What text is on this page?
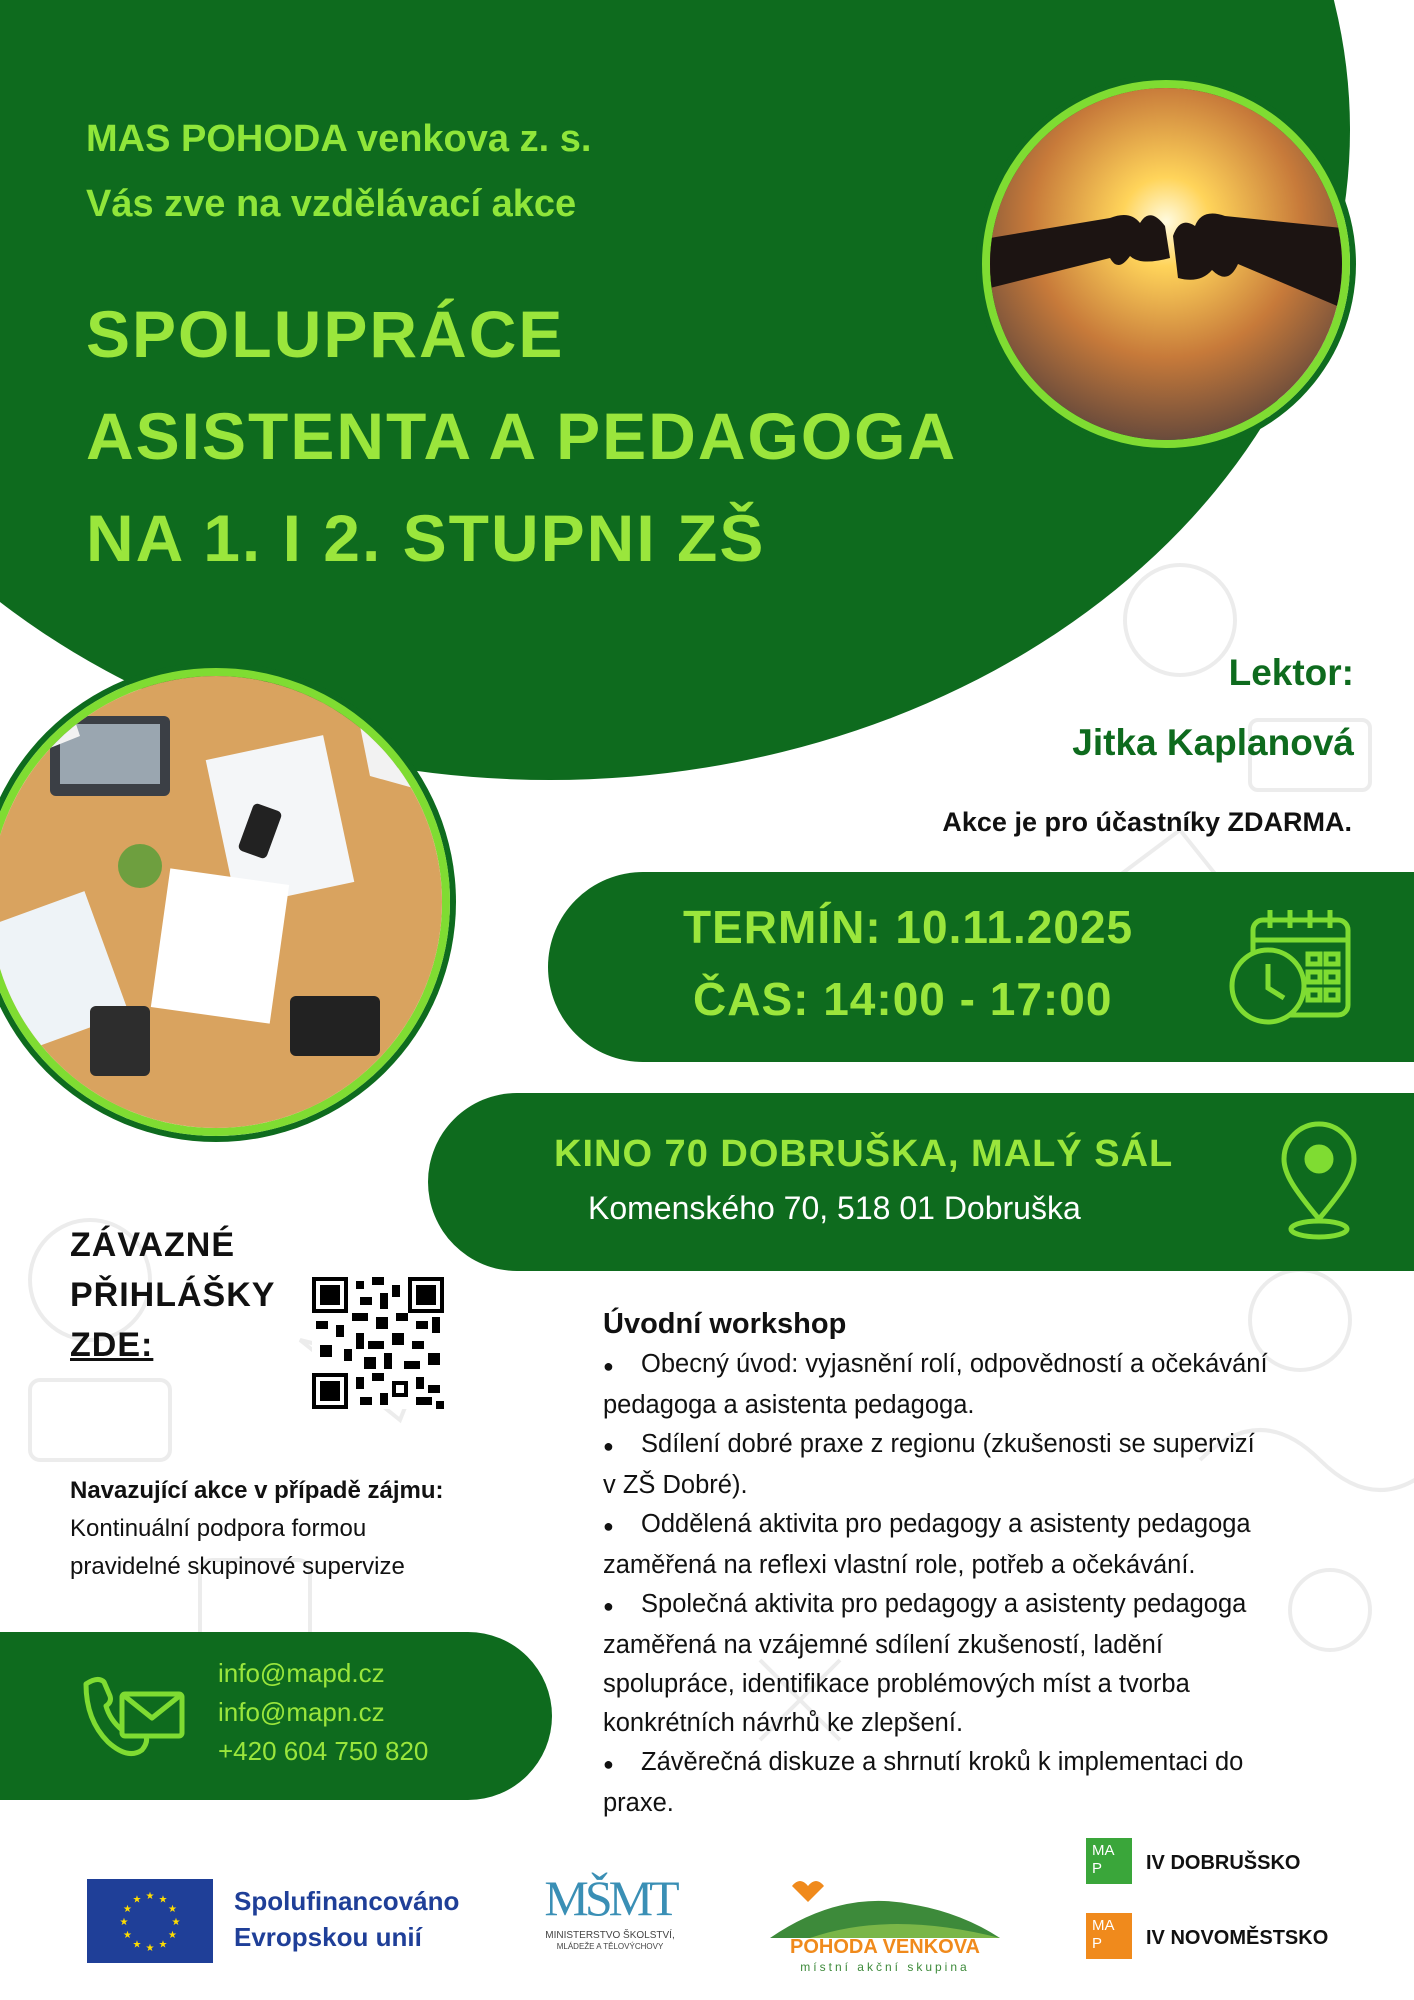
MAS POHODA venkova z. s.
Vás zve na vzdělávací akce
SPOLUPRÁCE
ASISTENTA A PEDAGOGA
NA 1. I 2. STUPNI ZŠ
Lektor:
Jitka Kaplanová
Akce je pro účastníky ZDARMA.
TERMÍN: 10.11.2025
ČAS: 14:00 - 17:00
KINO 70 DOBRUŠKA, MALÝ SÁL
Komenského 70, 518 01 Dobruška
ZÁVAZNÉ
PŘIHLÁŠKY
ZDE:
Navazující akce v případě zájmu:
Kontinuální podpora formou
pravidelné skupinové supervize
info@mapd.cz
info@mapn.cz
+420 604 750 820
Úvodní workshop
● Obecný úvod: vyjasnění rolí, odpovědností a očekávání
pedagoga a asistenta pedagoga.
● Sdílení dobré praxe z regionu (zkušenosti se supervizí
v ZŠ Dobré).
● Oddělená aktivita pro pedagogy a asistenty pedagoga
zaměřená na reflexi vlastní role, potřeb a očekávání.
● Společná aktivita pro pedagogy a asistenty pedagoga
zaměřená na vzájemné sdílení zkušeností, ladění
spolupráce, identifikace problémových míst a tvorba
konkrétních návrhů ke zlepšení.
● Závěrečná diskuze a shrnutí kroků k implementaci do
praxe.
★
★
★
★
★
★
★
★
★ ★ ★
★ Spolufinancováno
Evropskou unií
MŠMT
MINISTERSTVO ŠKOLSTVÍ,
MLÁDEŽE A TĚLOVÝCHOVY	POHODA VENKOVA
místní akční skupina
MA
P	IV DOBRUŠSKO
MA
P	IV NOVOMĚSTSKO
